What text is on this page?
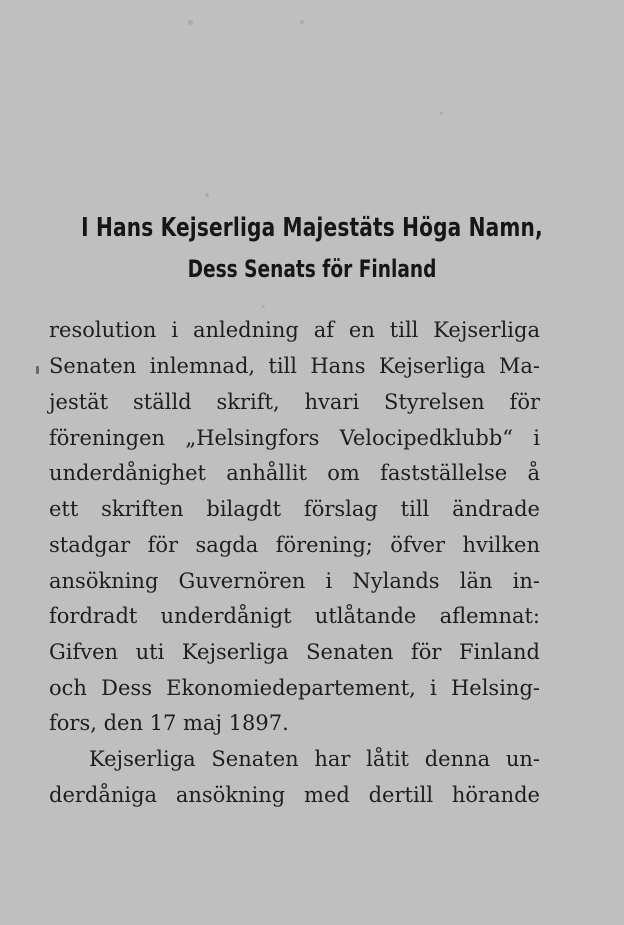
I Hans Kejserliga Majestäts Höga Namn,
Dess Senats för Finland
resolution i anledning af en till Kejserliga
Senaten inlemnad, till Hans Kejserliga Ma-
jestät ställd skrift, hvari Styrelsen för
föreningen „Helsingfors Velocipedklubb“ i
underdånighet anhållit om fastställelse å
ett skriften bilagdt förslag till ändrade
stadgar för sagda förening; öfver hvilken
ansökning Guvernören i Nylands län in-
fordradt underdånigt utlåtande aflemnat:
Gifven uti Kejserliga Senaten för Finland
och Dess Ekonomiedepartement, i Helsing-
fors, den 17 maj 1897.
Kejserliga Senaten har låtit denna un-
derdåniga ansökning med dertill hörande
